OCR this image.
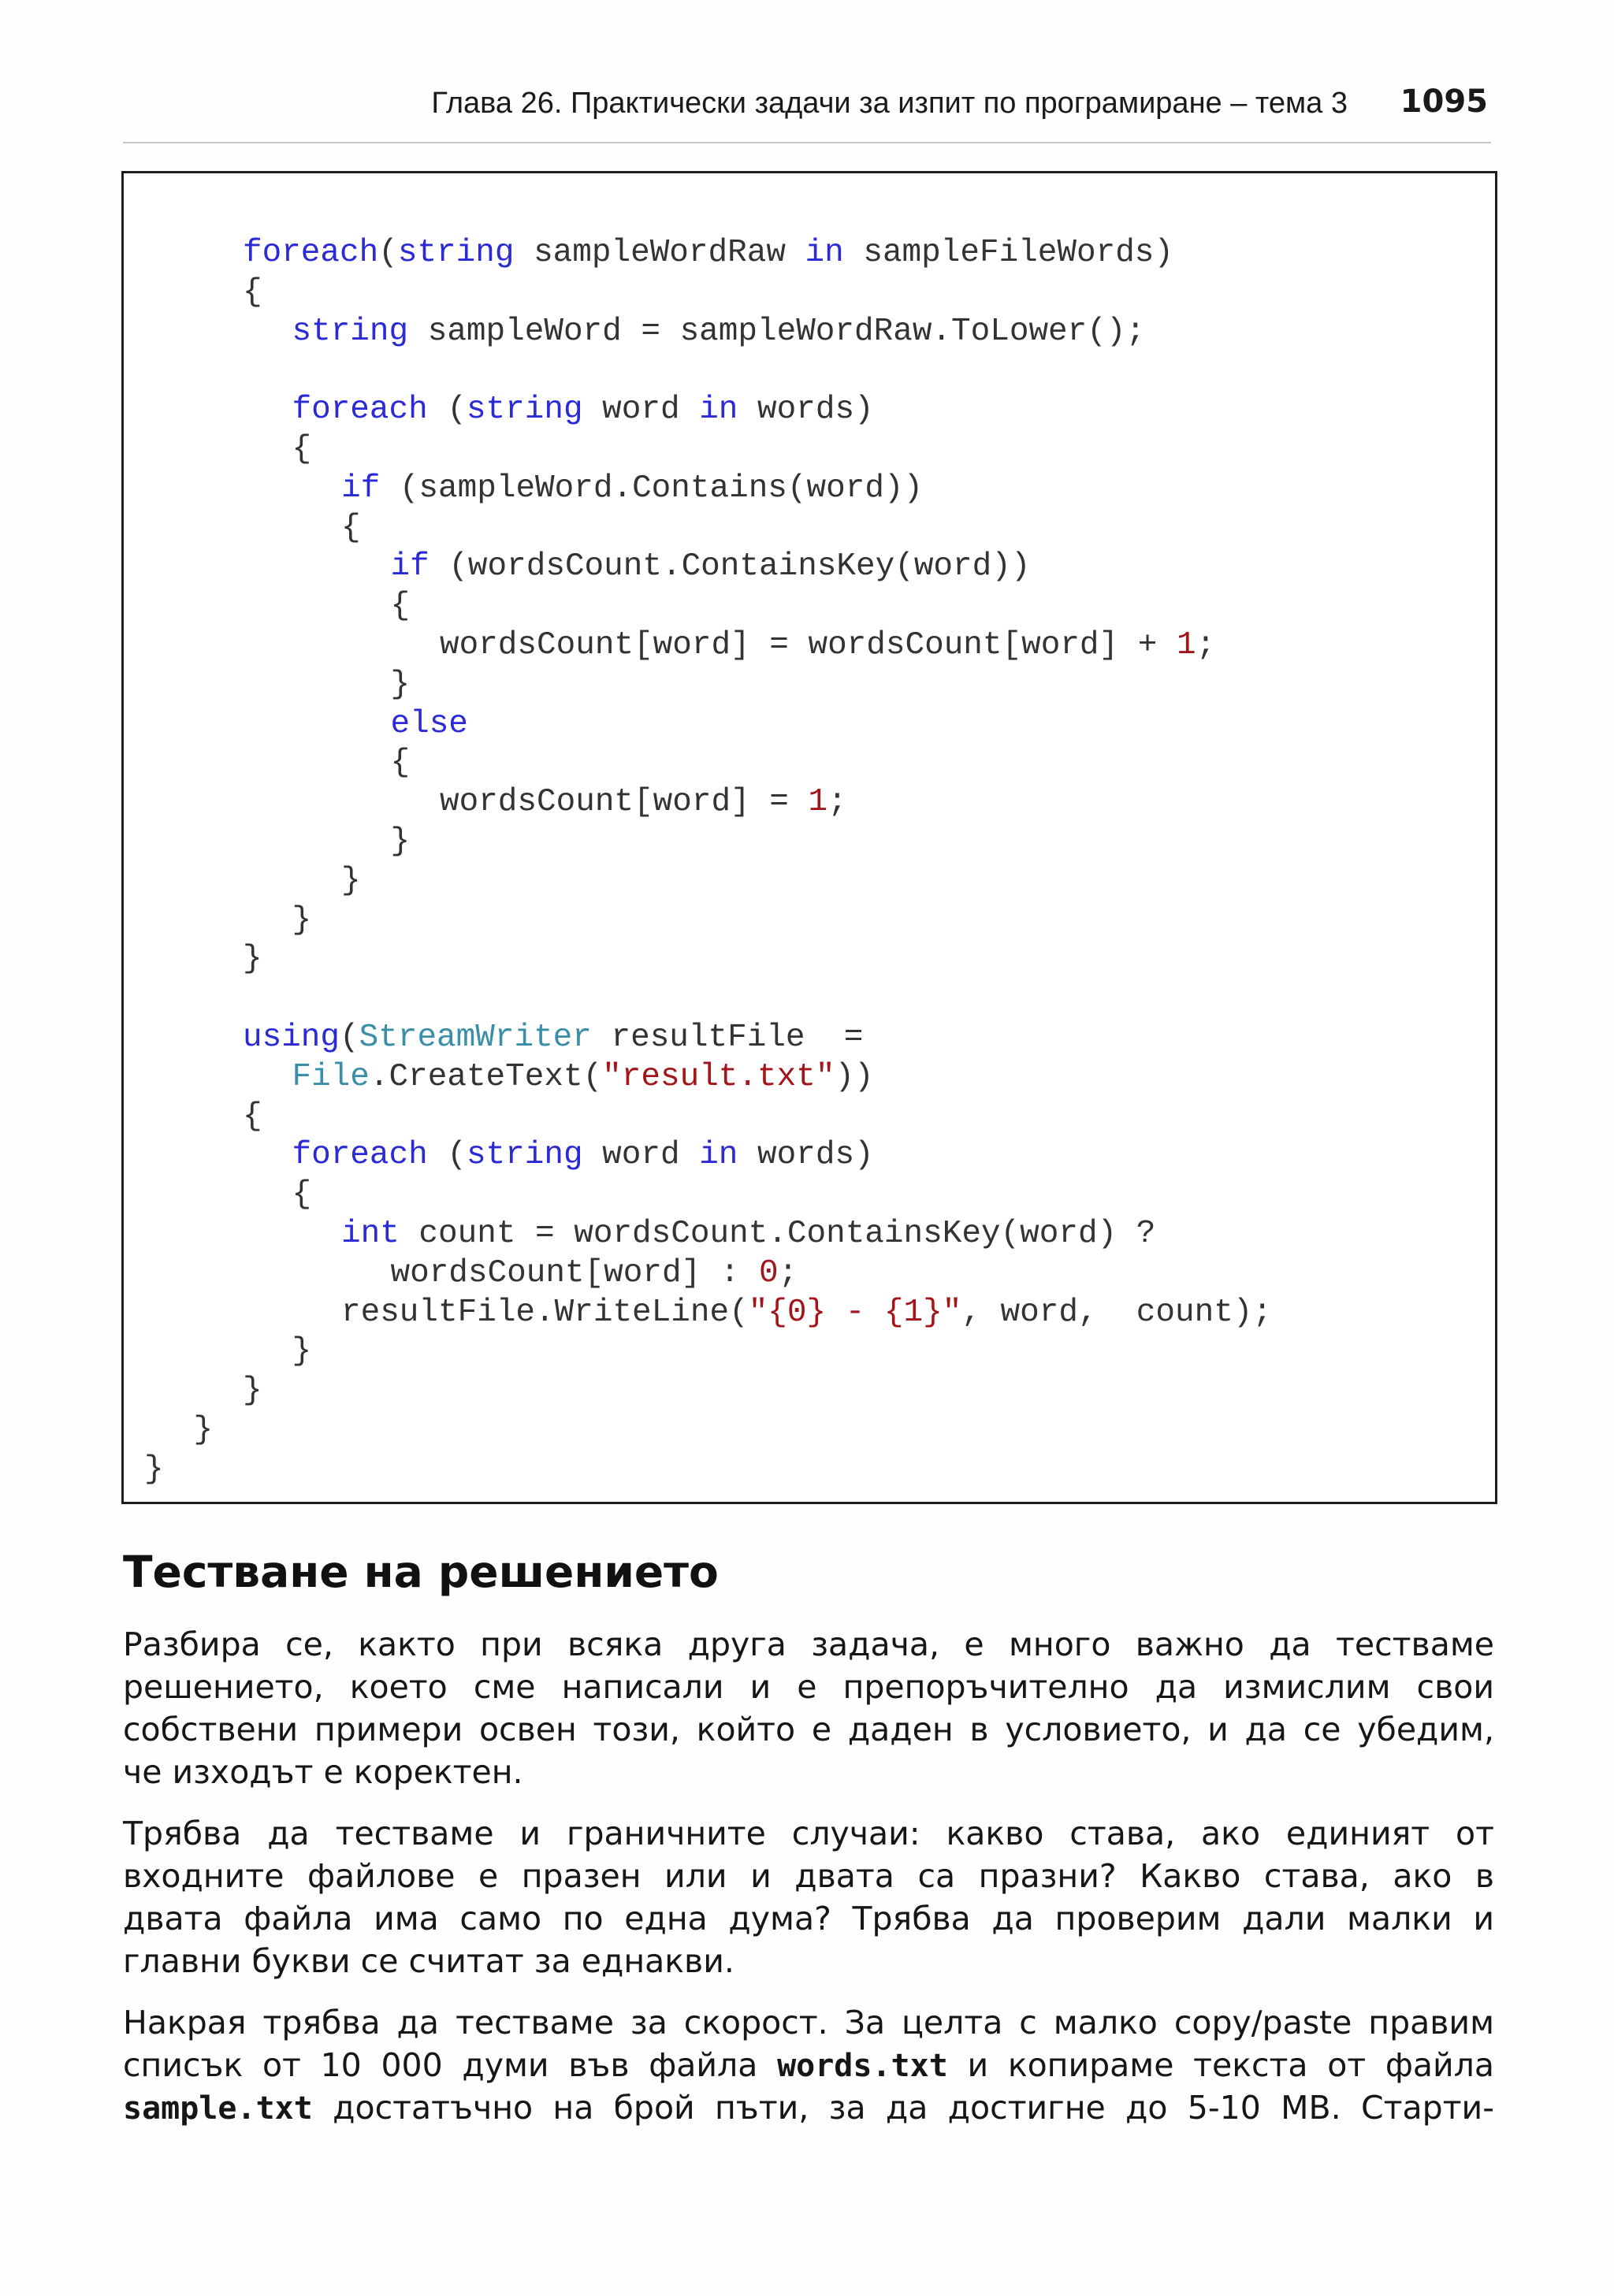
Глава 26. Практически задачи за изпит по програмиране – тема 3 1095
foreach(string sampleWordRaw in sampleFileWords)
{
string sampleWord = sampleWordRaw.ToLower();
foreach (string word in words)
{
if (sampleWord.Contains(word))
{
if (wordsCount.ContainsKey(word))
{
wordsCount[word] = wordsCount[word] + 1;
}
else
{
wordsCount[word] = 1;
}
}
}
}
using(StreamWriter resultFile  =
File.CreateText("result.txt"))
{
foreach (string word in words)
{
int count = wordsCount.ContainsKey(word) ?
wordsCount[word] : 0;
resultFile.WriteLine("{0} - {1}", word,  count);
}
}
}
}
Тестване на решението
Разбира се, както при всяка друга задача, е много важно да тестваме
решението, което сме написали и е препоръчително да измислим свои
собствени примери освен този, който е даден в условието, и да се убедим,
че изходът е коректен.
Трябва да тестваме и граничните случаи: какво става, ако единият от
входните файлове е празен или и двата са празни? Какво става, ако в
двата файла има само по една дума? Трябва да проверим дали малки и
главни букви се считат за еднакви.
Накрая трябва да тестваме за скорост. За целта с малко copy/paste правим
списък от 10 000 думи във файла words.txt и копираме текста от файла
sample.txt достатъчно на брой пъти, за да достигне до 5-10 MB. Старти-
